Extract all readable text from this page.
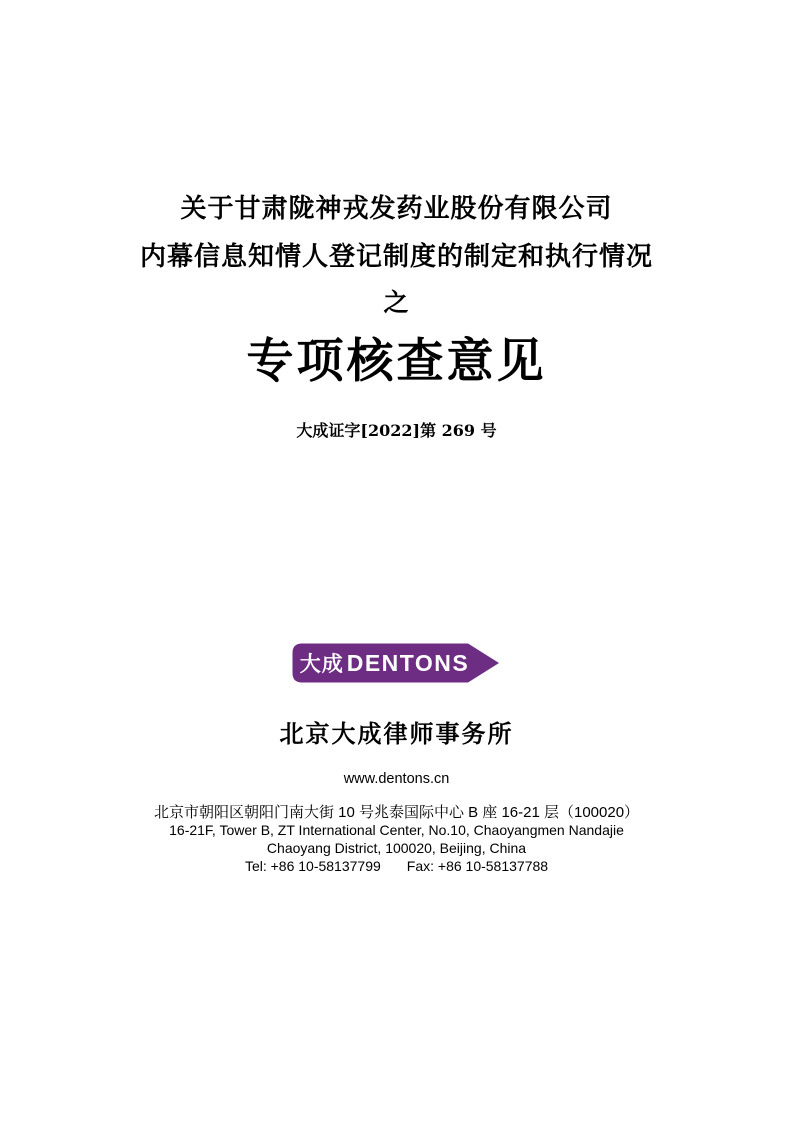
关于甘肃陇神戎发药业股份有限公司
内幕信息知情人登记制度的制定和执行情况
之
专项核查意见
大成证字[2022]第 269 号
大成 DENTONS
北京大成律师事务所
www.dentons.cn
北京市朝阳区朝阳门南大街 10 号兆泰国际中心 B 座 16-21 层（100020）
16-21F, Tower B, ZT International Center, No.10, Chaoyangmen Nandajie
Chaoyang District, 100020, Beijing, China
Tel: +86 10-58137799 Fax: +86 10-58137788
